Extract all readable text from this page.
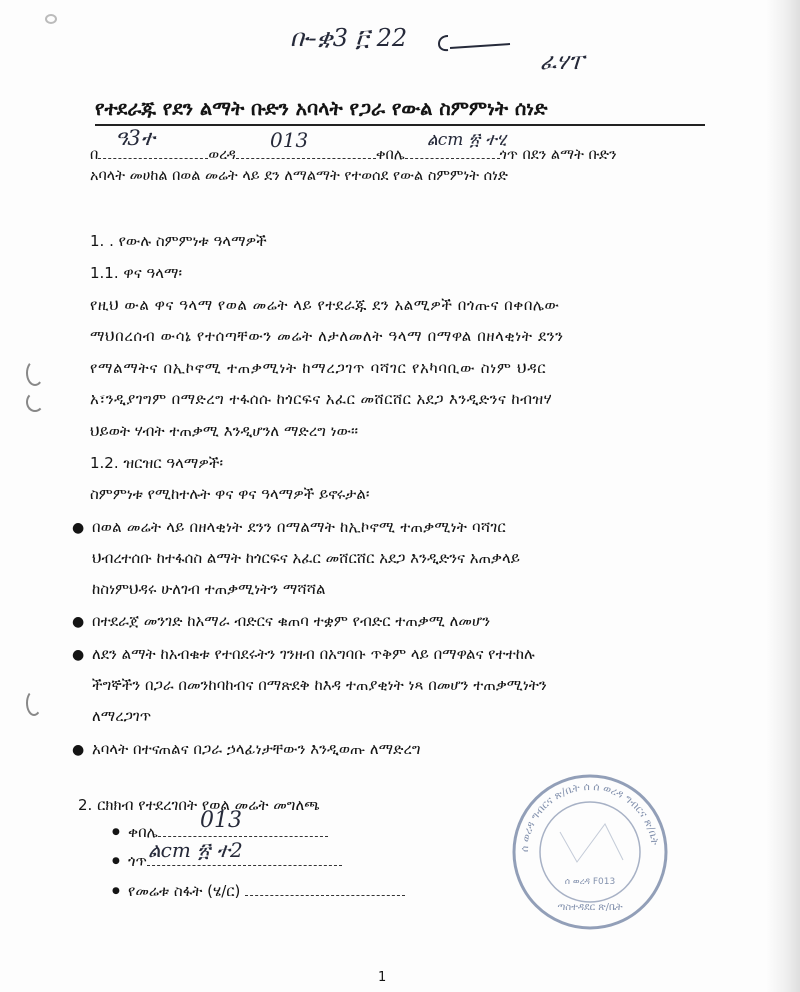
ቡ-ቋ3 ፫ 22
ፈሃፐ
የተደራጁ የደን ልማት ቡድን አባላት የጋራ የውል ስምምነት ሰነድ
በ	ወረዳ	ቀበሌ	ጎጥ በደን ልማት ቡድን
ዓ3ተ	013	ልcm ፳ ተሂ
አባላት መሀከል በወል መሬት ላይ ደን ለማልማት የተወሰደ የውል ስምምነት ሰነድ
1. . የውሉ ስምምነቱ ዓላማዎች
1.1. ዋና ዓላማ፡
የዚህ ውል ዋና ዓላማ የወል መሬት ላይ የተደራጁ ደን አልሚዎች በጎጡና በቀበሌው
ማህበረሰብ ውሳኔ የተሰጣቸውን መሬት ለታለመለት ዓላማ በማዋል በዘላቂነት ደንን
የማልማትና በኢኮኖሚ ተጠቃሚነት ከማረጋገጥ ባሻገር የአካባቢው ስነም ህዳር
አ፣ንዲያገግም በማድረግ ተፋሰሱ ከጎርፍና አፈር መሸርሸር አደጋ እንዲድንና ከብዝሃ
ህይወት ሃብት ተጠቃሚ እንዲሆንለ ማድረግ ነው፡፡
1.2. ዝርዝር ዓላማዎች፡
ስምምነቱ የሚከተሉት ዋና ዋና ዓላማዎች ይኖሩታል፡
● በወል መሬት ላይ በዘላቂነት ደንን በማልማት ከኢኮኖሚ ተጠቃሚነት ባሻገር
ህብረተሰቡ ከተፋሰስ ልማት ከጎርፍና አፈር መሸርሸር አደጋ እንዲድንና አጠቃላይ
ከስነምህዳሩ ሁለገብ ተጠቃሚነትን ማሻሻል
● በተደራጀ መንገድ ከአማራ ብድርና ቁጠባ ተቋም የብድር ተጠቃሚ ለመሆን
● ለደን ልማት ከአብቁቱ የተበደሩትን ገንዘብ በአግባቡ ጥቅም ላይ በማዋልና የተተከሉ
ችግኞችን በጋራ በመንከባከብና በማጽደቅ ከእዳ ተጠያቂነት ነጻ በመሆን ተጠቃሚነትን
ለማረጋገጥ
● አባላት በተናጠልና በጋራ ኃላፊነታቸውን እንዲወጡ ለማድረግ
2. ርክክብ የተደረገበት የወል መሬት መግለጫ
● ቀበሌ	013
● ጎጥ ልcm ፳ ተ2
● የመሬቱ ስፋት (ሄ/ር)
ሰ ወረዳ ግብርና ጽ/ቤት ሰ ሰ ወረዳ ግብርና ጽ/ቤት
ሰ ወረዳ F013
ጣስተዳደር ጽ/ቤት
1
